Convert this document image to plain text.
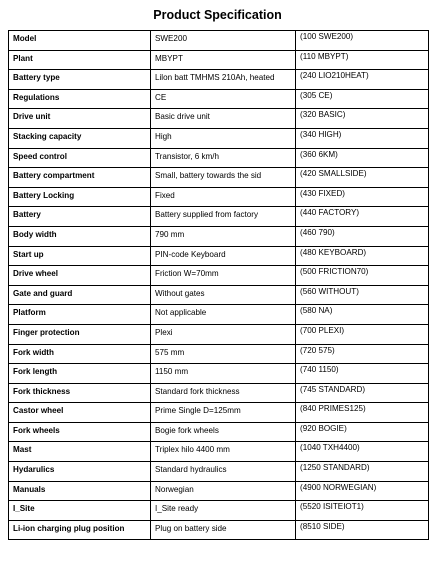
Product Specification
Model	SWE200	(100 SWE200)
Plant	MBYPT	(110 MBYPT)
Battery type	Lilon batt TMHMS 210Ah, heated	(240 LIO210HEAT)
Regulations	CE	(305 CE)
Drive unit	Basic drive unit	(320 BASIC)
Stacking capacity	High	(340 HIGH)
Speed control	Transistor, 6 km/h	(360 6KM)
Battery compartment	Small, battery towards the sid	(420 SMALLSIDE)
Battery Locking	Fixed	(430 FIXED)
Battery	Battery supplied from factory	(440 FACTORY)
Body width	790 mm	(460 790)
Start up	PIN-code Keyboard	(480 KEYBOARD)
Drive wheel	Friction W=70mm	(500 FRICTION70)
Gate and guard	Without gates	(560 WITHOUT)
Platform	Not applicable	(580 NA)
Finger protection	Plexi	(700 PLEXI)
Fork width	575 mm	(720 575)
Fork length	1150 mm	(740 1150)
Fork thickness	Standard fork thickness	(745 STANDARD)
Castor wheel	Prime Single D=125mm	(840 PRIMES125)
Fork wheels	Bogie fork wheels	(920 BOGIE)
Mast	Triplex hilo 4400 mm	(1040 TXH4400)
Hydarulics	Standard hydraulics	(1250 STANDARD)
Manuals	Norwegian	(4900 NORWEGIAN)
I_Site	I_Site ready	(5520 ISITEIOT1)
Li-ion charging plug position	Plug on battery side	(8510 SIDE)
